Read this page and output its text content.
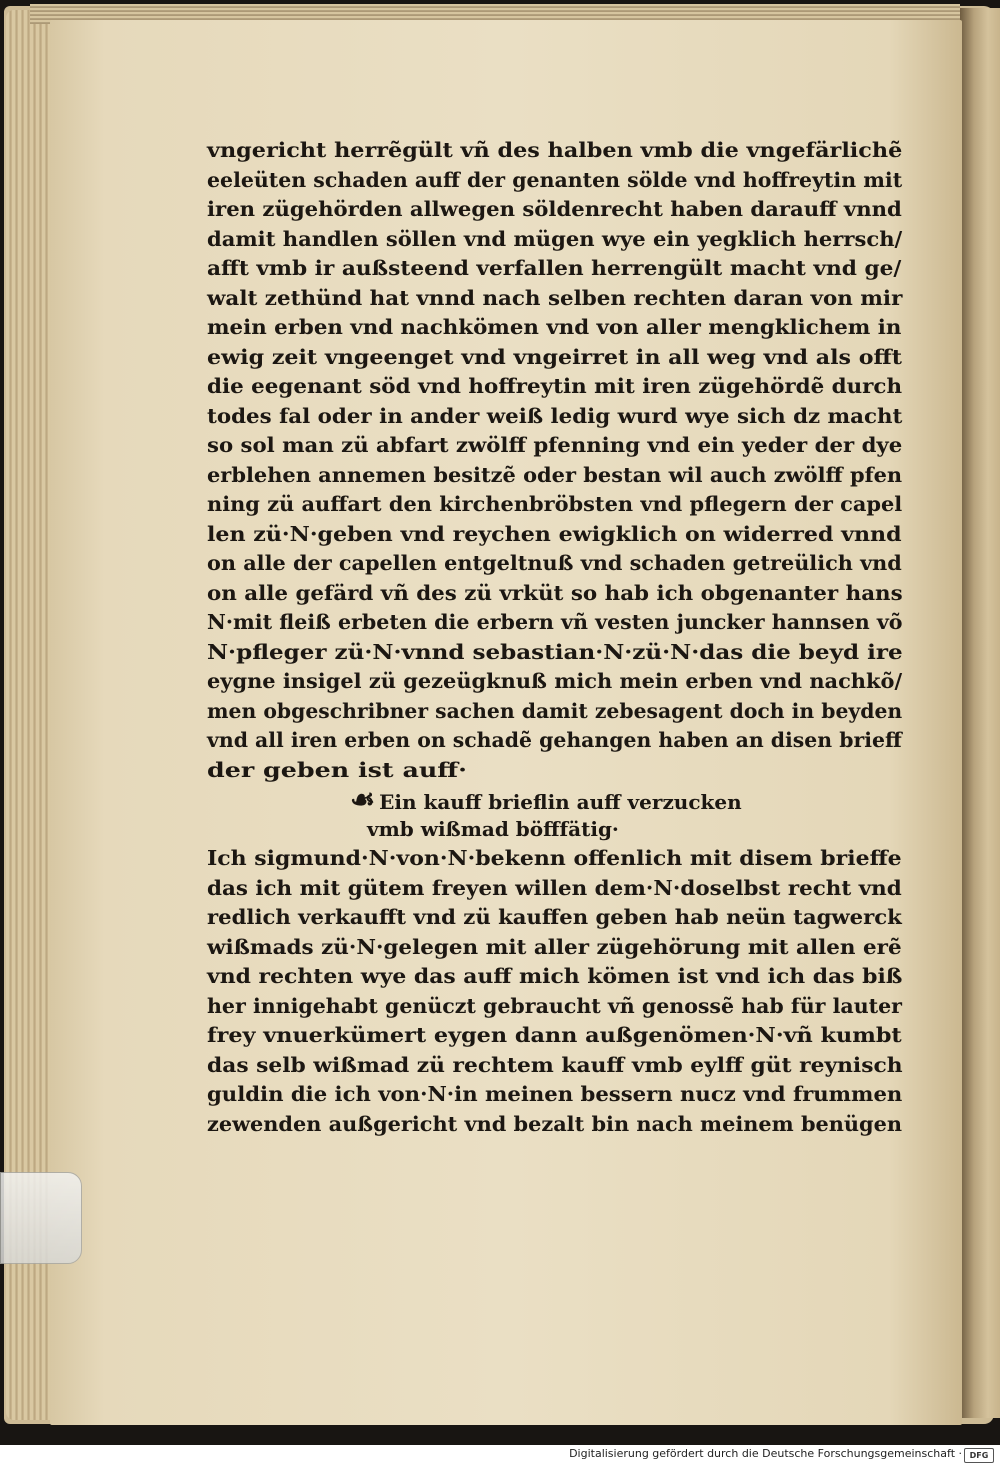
vngericht herrẽgült vñ des halben vmb die vngefärlichẽ
eeleüten schaden auff der genanten sölde vnd hoffreytin mit
iren zügehörden allwegen söldenrecht haben darauff vnnd
damit handlen söllen vnd mügen wye ein yegklich herrsch/
afft vmb ir außsteend verfallen herrengült macht vnd ge/
walt zethünd hat vnnd nach selben rechten daran von mir
mein erben vnd nachkömen vnd von aller mengklichem in
ewig zeit vngeenget vnd vngeirret in all weg vnd als offt
die eegenant söd vnd hoffreytin mit iren zügehördẽ durch
todes fal oder in ander weiß ledig wurd wye sich dz macht
so sol man zü abfart zwölff pfenning vnd ein yeder der dye
erblehen annemen besitzẽ oder bestan wil auch zwölff pfen
ning zü auffart den kirchenbröbsten vnd pflegern der capel
len zü·N·geben vnd reychen ewigklich on widerred vnnd
on alle der capellen entgeltnuß vnd schaden getreülich vnd
on alle gefärd vñ des zü vrküt so hab ich obgenanter hans
N·mit fleiß erbeten die erbern vñ vesten juncker hannsen võ
N·pfleger zü·N·vnnd sebastian·N·zü·N·das die beyd ire
eygne insigel zü gezeügknuß mich mein erben vnd nachkõ/
men obgeschribner sachen damit zebesagent doch in beyden
vnd all iren erben on schadẽ gehangen haben an disen brieff
der geben ist auff·
☙ Ein kauff brieflin auff verzucken
vmb wißmad böfffätig·
Ich sigmund·N·von·N·bekenn offenlich mit disem brieffe
das ich mit gütem freyen willen dem·N·doselbst recht vnd
redlich verkaufft vnd zü kauffen geben hab neün tagwerck
wißmads zü·N·gelegen mit aller zügehörung mit allen erẽ
vnd rechten wye das auff mich kömen ist vnd ich das biß
her innigehabt genüczt gebraucht vñ genossẽ hab für lauter
frey vnuerkümert eygen dann außgenömen·N·vñ kumbt
das selb wißmad zü rechtem kauff vmb eylff güt reynisch
guldin die ich von·N·in meinen bessern nucz vnd frummen
zewenden außgericht vnd bezalt bin nach meinem benügen
Digitalisierung gefördert durch die Deutsche Forschungsgemeinschaft · DFG
